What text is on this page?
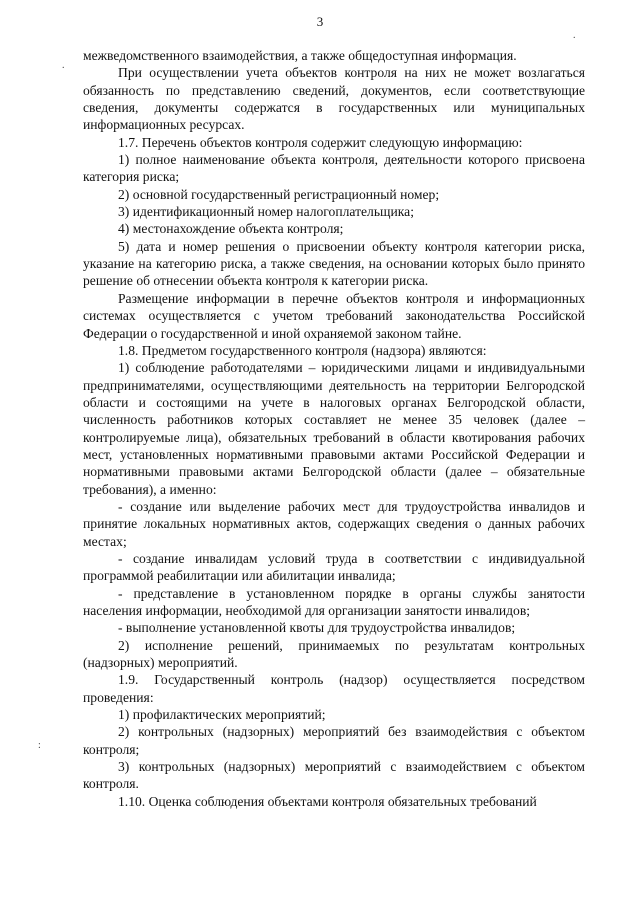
3

межведомственного взаимодействия, а также общедоступная информация.

При осуществлении учета объектов контроля на них не может возлагаться обязанность по представлению сведений, документов, если соответствующие сведения, документы содержатся в государственных или муниципальных информационных ресурсах.

1.7. Перечень объектов контроля содержит следующую информацию:

1) полное наименование объекта контроля, деятельности которого присвоена категория риска;

2) основной государственный регистрационный номер;

3) идентификационный номер налогоплательщика;

4) местонахождение объекта контроля;

5) дата и номер решения о присвоении объекту контроля категории риска, указание на категорию риска, а также сведения, на основании которых было принято решение об отнесении объекта контроля к категории риска.

Размещение информации в перечне объектов контроля и информационных системах осуществляется с учетом требований законодательства Российской Федерации о государственной и иной охраняемой законом тайне.

1.8. Предметом государственного контроля (надзора) являются:

1) соблюдение работодателями – юридическими лицами и индивидуальными предпринимателями, осуществляющими деятельность на территории Белгородской области и состоящими на учете в налоговых органах Белгородской области, численность работников которых составляет не менее 35 человек (далее – контролируемые лица), обязательных требований в области квотирования рабочих мест, установленных нормативными правовыми актами Российской Федерации и нормативными правовыми актами Белгородской области (далее – обязательные требования), а именно:

- создание или выделение рабочих мест для трудоустройства инвалидов и принятие локальных нормативных актов, содержащих сведения о данных рабочих местах;

- создание инвалидам условий труда в соответствии с индивидуальной программой реабилитации или абилитации инвалида;

- представление в установленном порядке в органы службы занятости населения информации, необходимой для организации занятости инвалидов;

- выполнение установленной квоты для трудоустройства инвалидов;

2) исполнение решений, принимаемых по результатам контрольных (надзорных) мероприятий.

1.9. Государственный контроль (надзор) осуществляется посредством проведения:

1) профилактических мероприятий;

2) контрольных (надзорных) мероприятий без взаимодействия с объектом контроля;

3) контрольных (надзорных) мероприятий с взаимодействием с объектом контроля.

1.10. Оценка соблюдения объектами контроля обязательных требований

.
.
:
